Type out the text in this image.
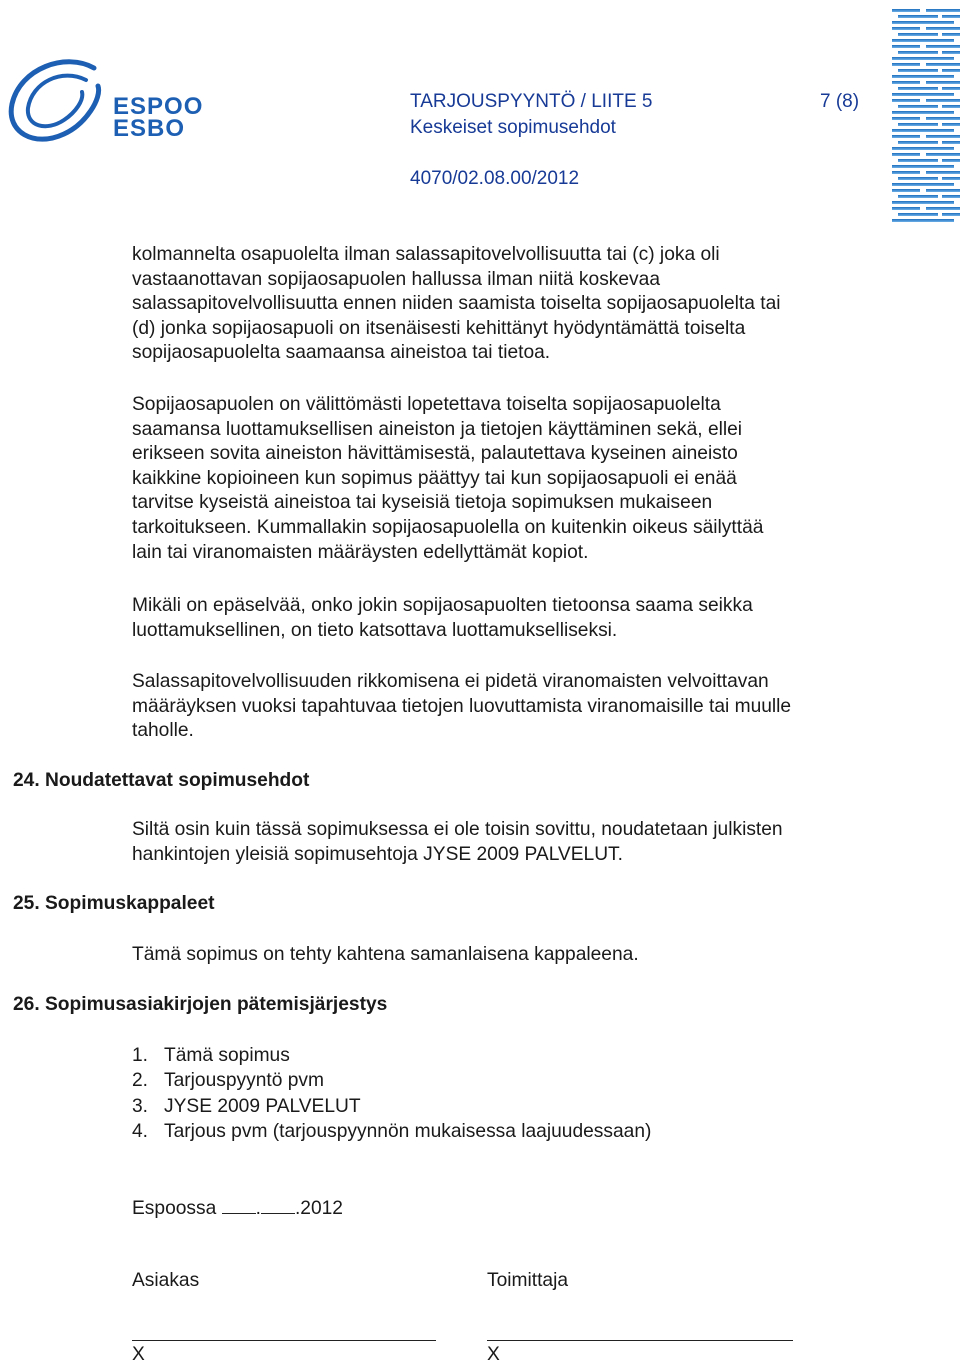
ESPOO
ESBO
TARJOUSPYYNTÖ / LIITE 5	7 (8)
Keskeiset sopimusehdot
4070/02.08.00/2012
kolmannelta osapuolelta ilman salassapitovelvollisuutta tai (c) joka oli
vastaanottavan sopijaosapuolen hallussa ilman niitä koskevaa
salassapitovelvollisuutta ennen niiden saamista toiselta sopijaosapuolelta tai
(d) jonka sopijaosapuoli on itsenäisesti kehittänyt hyödyntämättä toiselta
sopijaosapuolelta saamaansa aineistoa tai tietoa.
Sopijaosapuolen on välittömästi lopetettava toiselta sopijaosapuolelta
saamansa luottamuksellisen aineiston ja tietojen käyttäminen sekä, ellei
erikseen sovita aineiston hävittämisestä, palautettava kyseinen aineisto
kaikkine kopioineen kun sopimus päättyy tai kun sopijaosapuoli ei enää
tarvitse kyseistä aineistoa tai kyseisiä tietoja sopimuksen mukaiseen
tarkoitukseen. Kummallakin sopijaosapuolella on kuitenkin oikeus säilyttää
lain tai viranomaisten määräysten edellyttämät kopiot.
Mikäli on epäselvää, onko jokin sopijaosapuolten tietoonsa saama seikka
luottamuksellinen, on tieto katsottava luottamukselliseksi.
Salassapitovelvollisuuden rikkomisena ei pidetä viranomaisten velvoittavan
määräyksen vuoksi tapahtuvaa tietojen luovuttamista viranomaisille tai muulle
taholle.
24. Noudatettavat sopimusehdot
Siltä osin kuin tässä sopimuksessa ei ole toisin sovittu, noudatetaan julkisten
hankintojen yleisiä sopimusehtoja JYSE 2009 PALVELUT.
25. Sopimuskappaleet
Tämä sopimus on tehty kahtena samanlaisena kappaleena.
26. Sopimusasiakirjojen pätemisjärjestys
1. Tämä sopimus
2. Tarjouspyyntö pvm
3. JYSE 2009 PALVELUT
4. Tarjous pvm (tarjouspyynnön mukaisessa laajuudessaan)
Espoossa . .2012
Asiakas	Toimittaja
X	X
